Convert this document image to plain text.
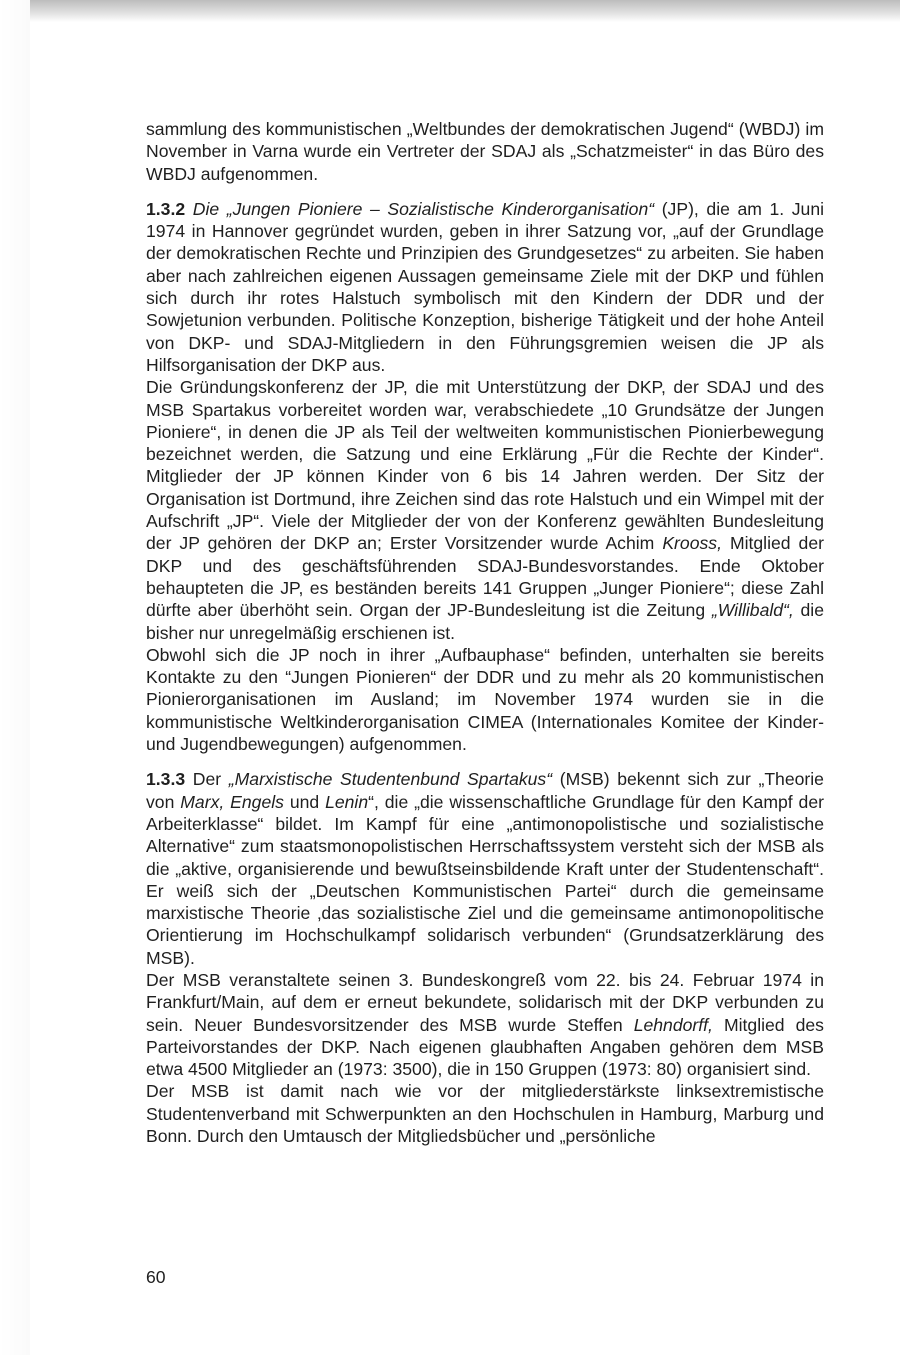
sammlung des kommunistischen „Weltbundes der demokratischen Jugend“ (WBDJ) im November in Varna wurde ein Vertreter der SDAJ als „Schatzmeister“ in das Büro des WBDJ aufgenommen.

1.3.2 Die „Jungen Pioniere – Sozialistische Kinderorganisation“ (JP), die am 1. Juni 1974 in Hannover gegründet wurden, geben in ihrer Satzung vor, „auf der Grundlage der demokratischen Rechte und Prinzipien des Grundgesetzes“ zu arbeiten. Sie haben aber nach zahlreichen eigenen Aussagen gemeinsame Ziele mit der DKP und fühlen sich durch ihr rotes Halstuch symbolisch mit den Kindern der DDR und der Sowjetunion verbunden. Politische Konzeption, bisherige Tätigkeit und der hohe Anteil von DKP- und SDAJ-Mitgliedern in den Führungsgremien weisen die JP als Hilfsorganisation der DKP aus.

Die Gründungskonferenz der JP, die mit Unterstützung der DKP, der SDAJ und des MSB Spartakus vorbereitet worden war, verabschiedete „10 Grundsätze der Jungen Pioniere“, in denen die JP als Teil der weltweiten kommunistischen Pionierbewegung bezeichnet werden, die Satzung und eine Erklärung „Für die Rechte der Kinder“. Mitglieder der JP können Kinder von 6 bis 14 Jahren werden. Der Sitz der Organisation ist Dortmund, ihre Zeichen sind das rote Halstuch und ein Wimpel mit der Aufschrift „JP“. Viele der Mitglieder der von der Konferenz gewählten Bundesleitung der JP gehören der DKP an; Erster Vorsitzender wurde Achim Krooss, Mitglied der DKP und des geschäftsführenden SDAJ-Bundesvorstandes. Ende Oktober behaupteten die JP, es beständen bereits 141 Gruppen „Junger Pioniere“; diese Zahl dürfte aber überhöht sein. Organ der JP-Bundesleitung ist die Zeitung „Willibald“, die bisher nur unregelmäßig erschienen ist.

Obwohl sich die JP noch in ihrer „Aufbauphase“ befinden, unterhalten sie bereits Kontakte zu den “Jungen Pionieren“ der DDR und zu mehr als 20 kommunistischen Pionierorganisationen im Ausland; im November 1974 wurden sie in die kommunistische Weltkinderorganisation CIMEA (Internationales Komitee der Kinder- und Jugendbewegungen) aufgenommen.

1.3.3 Der „Marxistische Studentenbund Spartakus“ (MSB) bekennt sich zur „Theorie von Marx, Engels und Lenin“, die „die wissenschaftliche Grundlage für den Kampf der Arbeiterklasse“ bildet. Im Kampf für eine „antimonopolistische und sozialistische Alternative“ zum staatsmonopolistischen Herrschaftssystem versteht sich der MSB als die „aktive, organisierende und bewußtseinsbildende Kraft unter der Studentenschaft“. Er weiß sich der „Deutschen Kommunistischen Partei“ durch die gemeinsame marxistische Theorie ‚das sozialistische Ziel und die gemeinsame antimonopolitische Orientierung im Hochschulkampf solidarisch verbunden“ (Grundsatzerklärung des MSB).

Der MSB veranstaltete seinen 3. Bundeskongreß vom 22. bis 24. Februar 1974 in Frankfurt/Main, auf dem er erneut bekundete, solidarisch mit der DKP verbunden zu sein. Neuer Bundesvorsitzender des MSB wurde Steffen Lehndorff, Mitglied des Parteivorstandes der DKP. Nach eigenen glaubhaften Angaben gehören dem MSB etwa 4500 Mitglieder an (1973: 3500), die in 150 Gruppen (1973: 80) organisiert sind.

Der MSB ist damit nach wie vor der mitgliederstärkste linksextremistische Studentenverband mit Schwerpunkten an den Hochschulen in Hamburg, Marburg und Bonn. Durch den Umtausch der Mitgliedsbücher und „persönliche

60
